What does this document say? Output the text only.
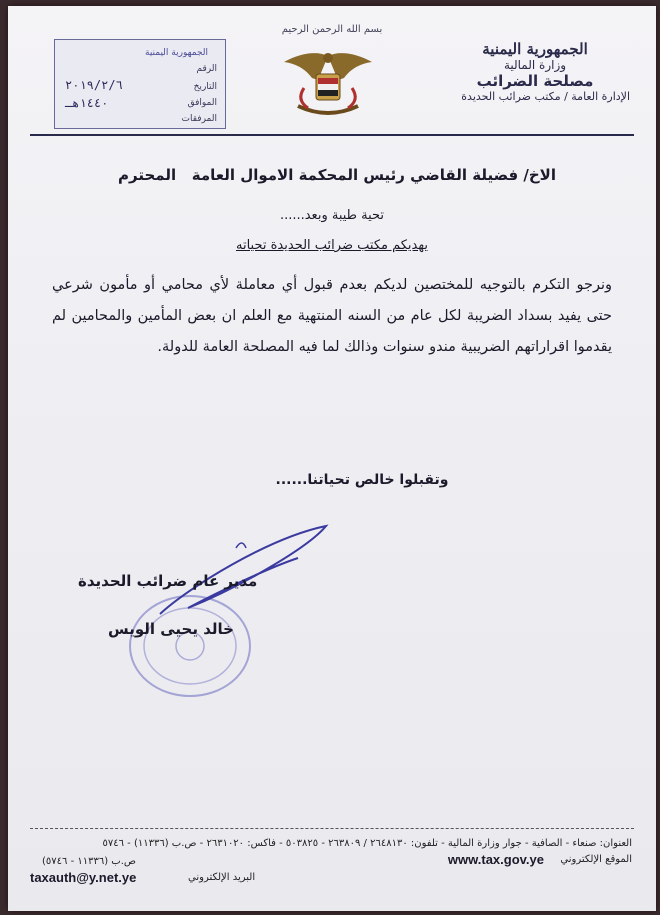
الجمهورية اليمنية
وزارة المالية
مصلحة الضرائب
الإدارة العامة / مكتب ضرائب الحديدة
بسم الله الرحمن الرحيم
الجمهورية اليمنية
الرقم
التاريخ
الموافق
المرفقات
٢٠١٩/٢/٦
١٤٤٠هـ
الاخ/ فضيلة القاضي رئيس المحكمة الاموال العامة
المحترم
تحية طيبة وبعد......
يهديكم مكتب ضرائب الحديدة تحياته
ونرجو التكرم بالتوجيه للمختصين لديكم بعدم قبول أي معاملة لأي محامي أو مأمون شرعي حتى يفيد بسداد الضريبة لكل عام من السنه المنتهية مع العلم ان بعض المأمين والمحامين لم يقدموا اقراراتهم الضريبية مندو سنوات وذالك لما فيه المصلحة العامة للدولة.
وتقبلوا خالص تحياتنا......
مدير عام ضرائب الحديدة
خالد يحيى الويس
العنوان: صنعاء - الصافية - جوار وزارة المالية - تلفون: ٢٦٤٨١٣٠ / ٢٦٣٨٠٩ - ٥٠٣٨٢٥ - فاكس: ٢٦٣١٠٢٠ - ص.ب (١١٣٣٦) - ٥٧٤٦
الموقع الإلكتروني
www.tax.gov.ye
ص.ب (١١٣٣٦ - ٥٧٤٦)
البريد الإلكتروني
taxauth@y.net.ye
